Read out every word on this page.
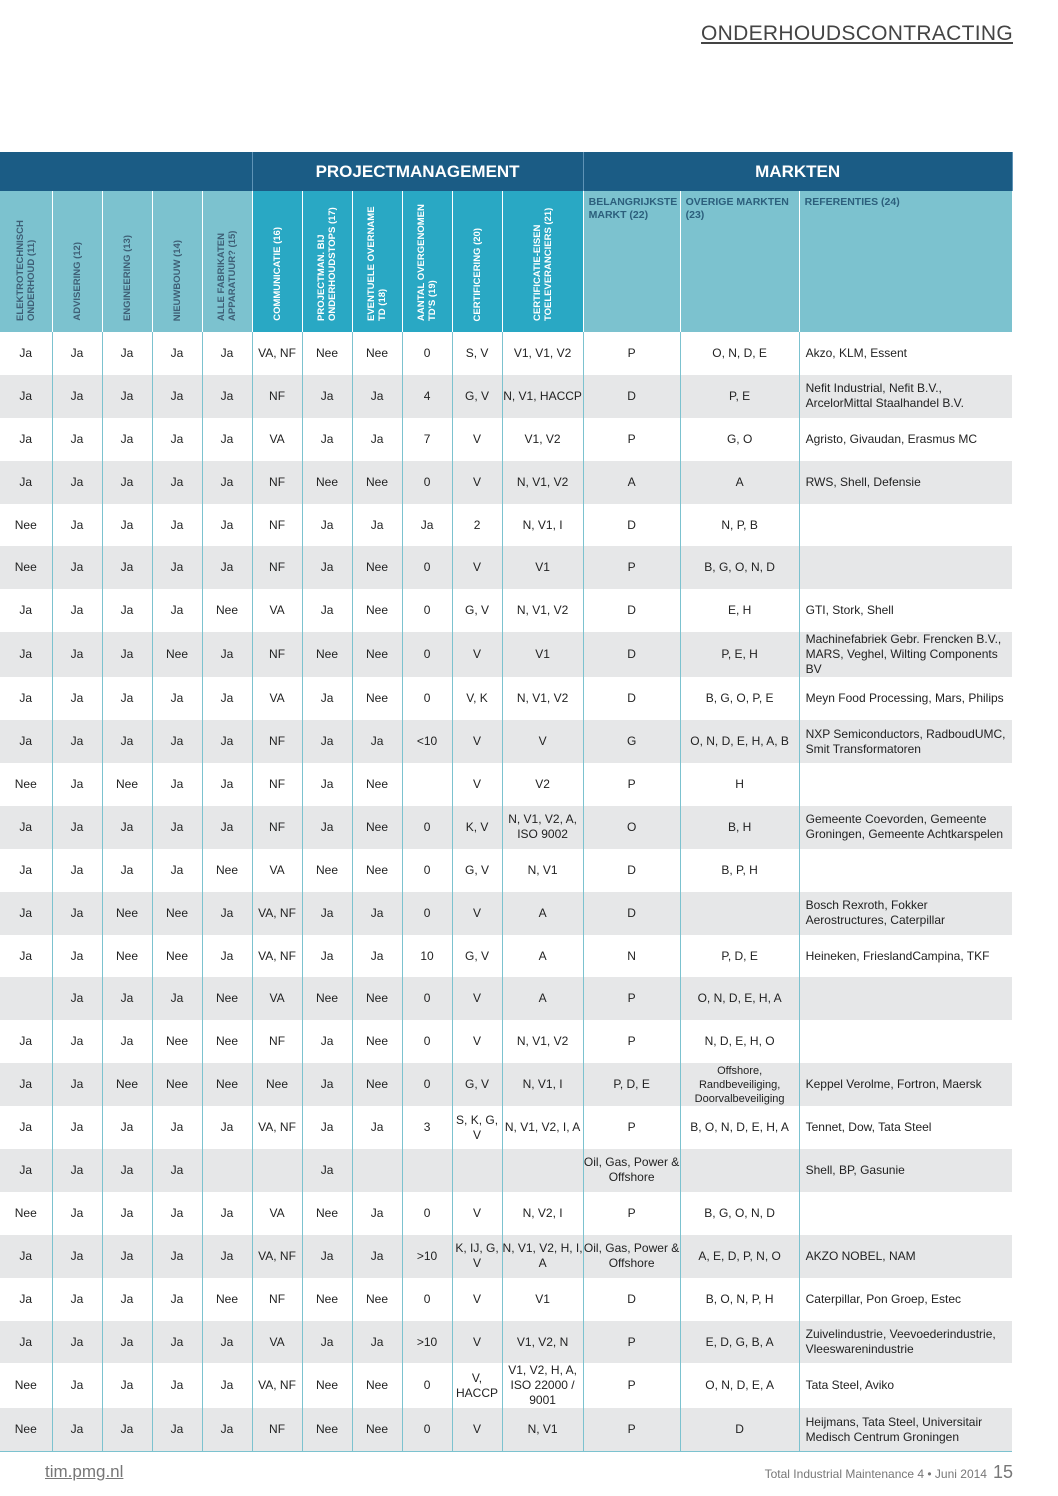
ONDERHOUDSCONTRACTING
					PROJECTMANAGEMENT						MARKTEN		
ELEKTROTECHNISCH ONDERHOUD (11)	ADVISERING (12)	ENGINEERING (13)	NIEUWBOUW (14)	ALLE FABRIKATEN APPARATUUR? (15)	COMMUNICATIE (16)	PROJECTMAN. BIJ ONDERHOUDSTOPS (17)	EVENTUELE OVERNAME TD (18)	AANTAL OVERGENOMEN TD'S (19)	CERTIFICERING (20)	CERTIFICATIE-EISEN TOELEVERANCIERS (21)	BELANGRIJKSTE MARKT (22)	OVERIGE MARKTEN (23)	REFERENTIES (24)

Ja	Ja	Ja	Ja	Ja	VA, NF	Nee	Nee	0	S, V	V1, V1, V2	P	O, N, D, E	Akzo, KLM, Essent
Ja	Ja	Ja	Ja	Ja	NF	Ja	Ja	4	G, V	N, V1, HACCP	D	P, E	Nefit Industrial, Nefit B.V., ArcelorMittal Staalhandel B.V.
Ja	Ja	Ja	Ja	Ja	VA	Ja	Ja	7	V	V1, V2	P	G, O	Agristo, Givaudan, Erasmus MC
Ja	Ja	Ja	Ja	Ja	NF	Nee	Nee	0	V	N, V1, V2	A	A	RWS, Shell, Defensie
Nee	Ja	Ja	Ja	Ja	NF	Ja	Ja	Ja	2	N, V1, I	D	N, P, B	
Nee	Ja	Ja	Ja	Ja	NF	Ja	Nee	0	V	V1	P	B, G, O, N, D	
Ja	Ja	Ja	Ja	Nee	VA	Ja	Nee	0	G, V	N, V1, V2	D	E, H	GTI, Stork, Shell
Ja	Ja	Ja	Nee	Ja	NF	Nee	Nee	0	V	V1	D	P, E, H	Machinefabriek Gebr. Frencken B.V., MARS, Veghel, Wilting Components BV
Ja	Ja	Ja	Ja	Ja	VA	Ja	Nee	0	V, K	N, V1, V2	D	B, G, O, P, E	Meyn Food Processing, Mars, Philips
Ja	Ja	Ja	Ja	Ja	NF	Ja	Ja	<10	V	V	G	O, N, D, E, H, A, B	NXP Semiconductors, RadboudUMC, Smit Transformatoren
Nee	Ja	Nee	Ja	Ja	NF	Ja	Nee		V	V2	P	H	
Ja	Ja	Ja	Ja	Ja	NF	Ja	Nee	0	K, V	N, V1, V2, A, ISO 9002	O	B, H	Gemeente Coevorden, Gemeente Groningen, Gemeente Achtkarspelen
Ja	Ja	Ja	Ja	Nee	VA	Nee	Nee	0	G, V	N, V1	D	B, P, H	
Ja	Ja	Nee	Nee	Ja	VA, NF	Ja	Ja	0	V	A	D		Bosch Rexroth, Fokker Aerostructures, Caterpillar
Ja	Ja	Nee	Nee	Ja	VA, NF	Ja	Ja	10	G, V	A	N	P, D, E	Heineken, FrieslandCampina, TKF
	Ja	Ja	Ja	Nee	VA	Nee	Nee	0	V	A	P	O, N, D, E, H, A	
Ja	Ja	Ja	Nee	Nee	NF	Ja	Nee	0	V	N, V1, V2	P	N, D, E, H, O	
Ja	Ja	Nee	Nee	Nee	Nee	Ja	Nee	0	G, V	N, V1, I	P, D, E	Offshore, Randbeveiliging, Doorvalbeveiliging	Keppel Verolme, Fortron, Maersk
Ja	Ja	Ja	Ja	Ja	VA, NF	Ja	Ja	3	S, K, G, V	N, V1, V2, I, A	P	B, O, N, D, E, H, A	Tennet, Dow, Tata Steel
Ja	Ja	Ja	Ja			Ja					Oil, Gas, Power & Offshore		Shell, BP, Gasunie
Nee	Ja	Ja	Ja	Ja	VA	Nee	Ja	0	V	N, V2, I	P	B, G, O, N, D	
Ja	Ja	Ja	Ja	Ja	VA, NF	Ja	Ja	>10	K, IJ, G, V	N, V1, V2, H, I, A	Oil, Gas, Power & Offshore	A, E, D, P, N, O	AKZO NOBEL, NAM
Ja	Ja	Ja	Ja	Nee	NF	Nee	Nee	0	V	V1	D	B, O, N, P, H	Caterpillar, Pon Groep, Estec
Ja	Ja	Ja	Ja	Ja	VA	Ja	Ja	>10	V	V1, V2, N	P	E, D, G, B, A	Zuivelindustrie, Veevoederindustrie, Vleeswarenindustrie
Nee	Ja	Ja	Ja	Ja	VA, NF	Nee	Nee	0	V, HACCP	V1, V2, H, A, ISO 22000 / 9001	P	O, N, D, E, A	Tata Steel, Aviko
Nee	Ja	Ja	Ja	Ja	NF	Nee	Nee	0	V	N, V1	P	D	Heijmans, Tata Steel, Universitair Medisch Centrum Groningen
tim.pmg.nl	Total Industrial Maintenance 4 • Juni 2014 15
